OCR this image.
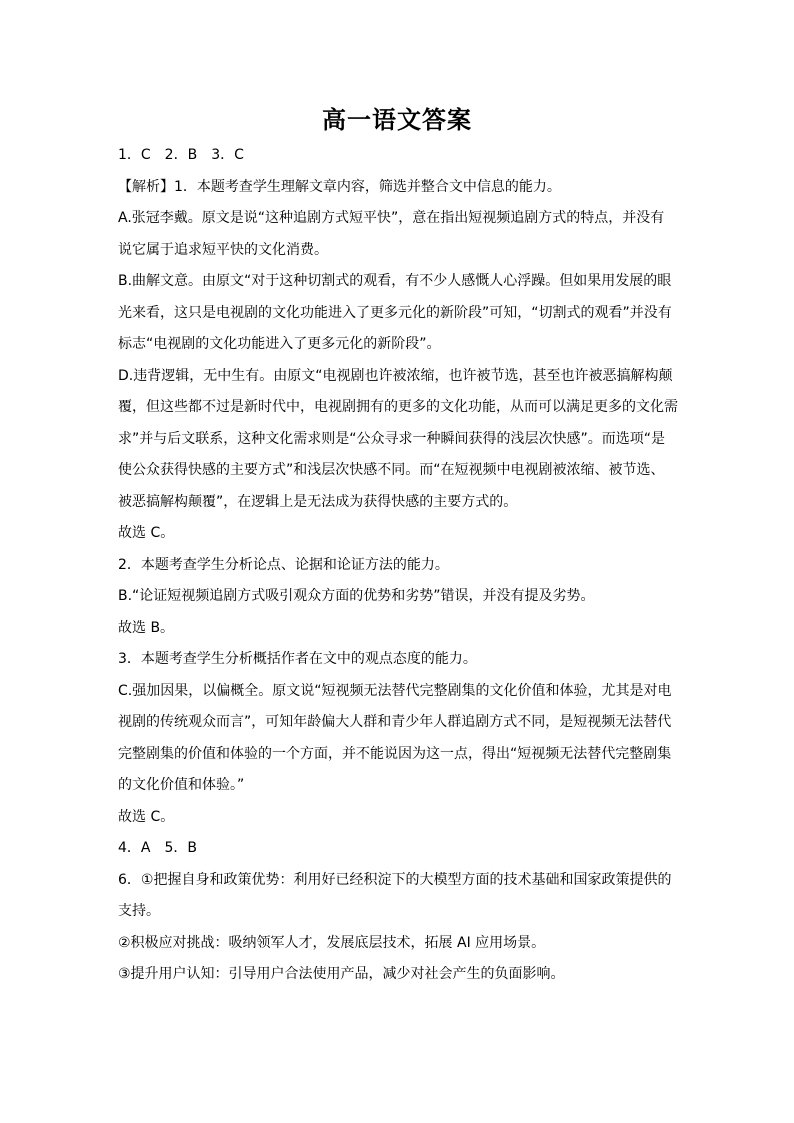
高一语文答案

1．C　2．B　3．C

【解析】1．本题考查学生理解文章内容，筛选并整合文中信息的能力。

A.张冠李戴。原文是说“这种追剧方式短平快”，意在指出短视频追剧方式的特点，并没有说它属于追求短平快的文化消费。

B.曲解文意。由原文“对于这种切割式的观看，有不少人感慨人心浮躁。但如果用发展的眼光来看，这只是电视剧的文化功能进入了更多元化的新阶段”可知，“切割式的观看”并没有标志“电视剧的文化功能进入了更多元化的新阶段”。

D.违背逻辑，无中生有。由原文“电视剧也许被浓缩，也许被节选，甚至也许被恶搞解构颠覆，但这些都不过是新时代中，电视剧拥有的更多的文化功能，从而可以满足更多的文化需求”并与后文联系，这种文化需求则是“公众寻求一种瞬间获得的浅层次快感”。而选项“是使公众获得快感的主要方式”和浅层次快感不同。而“在短视频中电视剧被浓缩、被节选、被恶搞解构颠覆”，在逻辑上是无法成为获得快感的主要方式的。

故选 C。

2．本题考查学生分析论点、论据和论证方法的能力。

B.“论证短视频追剧方式吸引观众方面的优势和劣势”错误，并没有提及劣势。

故选 B。

3．本题考查学生分析概括作者在文中的观点态度的能力。

C.强加因果，以偏概全。原文说“短视频无法替代完整剧集的文化价值和体验，尤其是对电视剧的传统观众而言”，可知年龄偏大人群和青少年人群追剧方式不同，是短视频无法替代完整剧集的价值和体验的一个方面，并不能说因为这一点，得出“短视频无法替代完整剧集的文化价值和体验。”

故选 C。

4．A　5．B

6．①把握自身和政策优势：利用好已经积淀下的大模型方面的技术基础和国家政策提供的支持。

②积极应对挑战：吸纳领军人才，发展底层技术，拓展 AI 应用场景。

③提升用户认知：引导用户合法使用产品，减少对社会产生的负面影响。
